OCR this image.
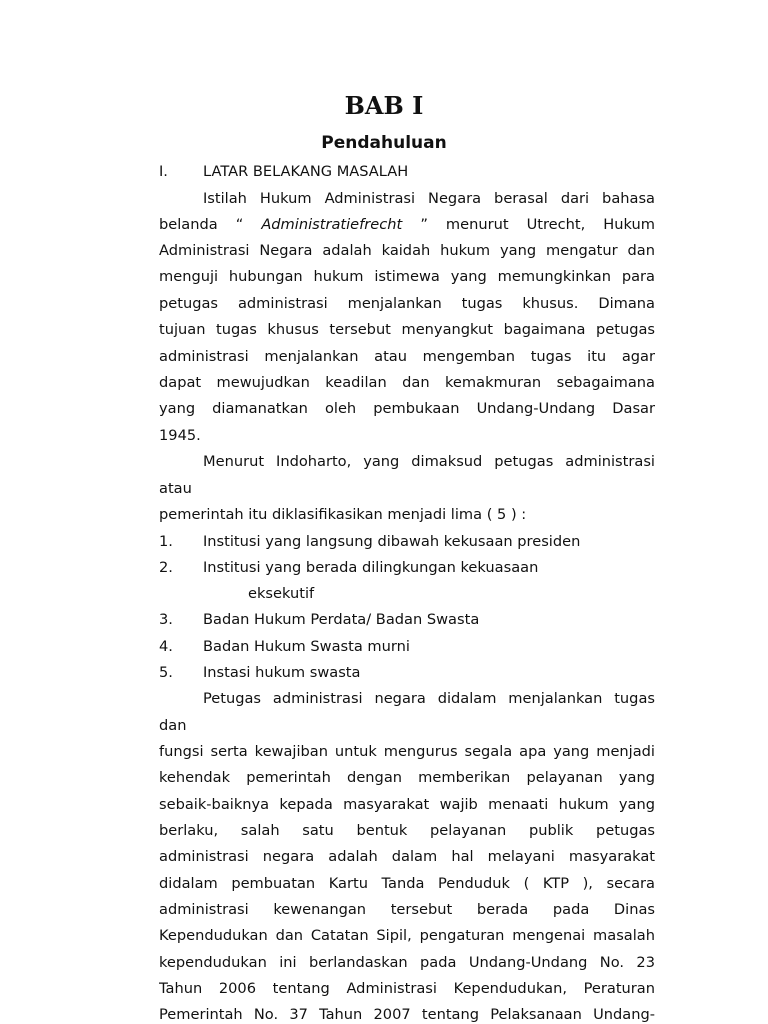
BAB I
Pendahuluan
I.	LATAR BELAKANG MASALAH
Istilah Hukum Administrasi Negara berasal dari bahasa
belanda “ Administratiefrecht ” menurut Utrecht, Hukum
Administrasi Negara adalah kaidah hukum yang mengatur dan
menguji hubungan hukum istimewa yang memungkinkan para
petugas administrasi menjalankan tugas khusus. Dimana
tujuan tugas khusus tersebut menyangkut bagaimana petugas
administrasi menjalankan atau mengemban tugas itu agar
dapat mewujudkan keadilan dan kemakmuran sebagaimana
yang diamanatkan oleh pembukaan Undang-Undang Dasar
1945.
Menurut Indoharto, yang dimaksud petugas administrasi
atau
pemerintah itu diklasifikasikan menjadi lima ( 5 ) :
1.	Institusi yang langsung dibawah kekusaan presiden
2.	Institusi yang berada dilingkungan kekuasaan
eksekutif
3.	Badan Hukum Perdata/ Badan Swasta
4.	Badan Hukum Swasta murni
5.	Instasi hukum swasta
Petugas administrasi negara didalam menjalankan tugas
dan
fungsi serta kewajiban untuk mengurus segala apa yang menjadi
kehendak pemerintah dengan memberikan pelayanan yang
sebaik-baiknya kepada masyarakat wajib menaati hukum yang
berlaku, salah satu bentuk pelayanan publik petugas
administrasi negara adalah dalam hal melayani masyarakat
didalam pembuatan Kartu Tanda Penduduk ( KTP ), secara
administrasi kewenangan tersebut berada pada Dinas
Kependudukan dan Catatan Sipil, pengaturan mengenai masalah
kependudukan ini berlandaskan pada Undang-Undang No. 23
Tahun 2006 tentang Administrasi Kependudukan, Peraturan
Pemerintah No. 37 Tahun 2007 tentang Pelaksanaan Undang-
